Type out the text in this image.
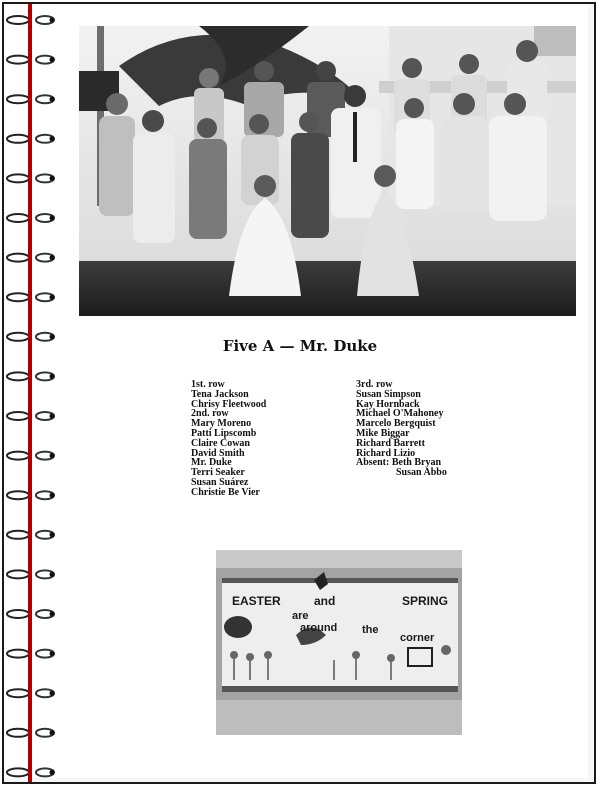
Five A — Mr. Duke
1st. row
Tena Jackson
Chrisy Fleetwood
2nd. row
Mary Moreno
Patti Lipscomb
Claire Cowan
David Smith
Mr. Duke
Terri Seaker
Susan Suárez
Christie Be Vier
3rd. row
Susan Simpson
Kay Hornback
Michael O'Mahoney
Marcelo Bergquist
Mike Biggar
Richard Barrett
Richard Lizio
Absent: Beth Bryan
Susan Abbo
EASTER	and	SPRING
are
around the
corner
